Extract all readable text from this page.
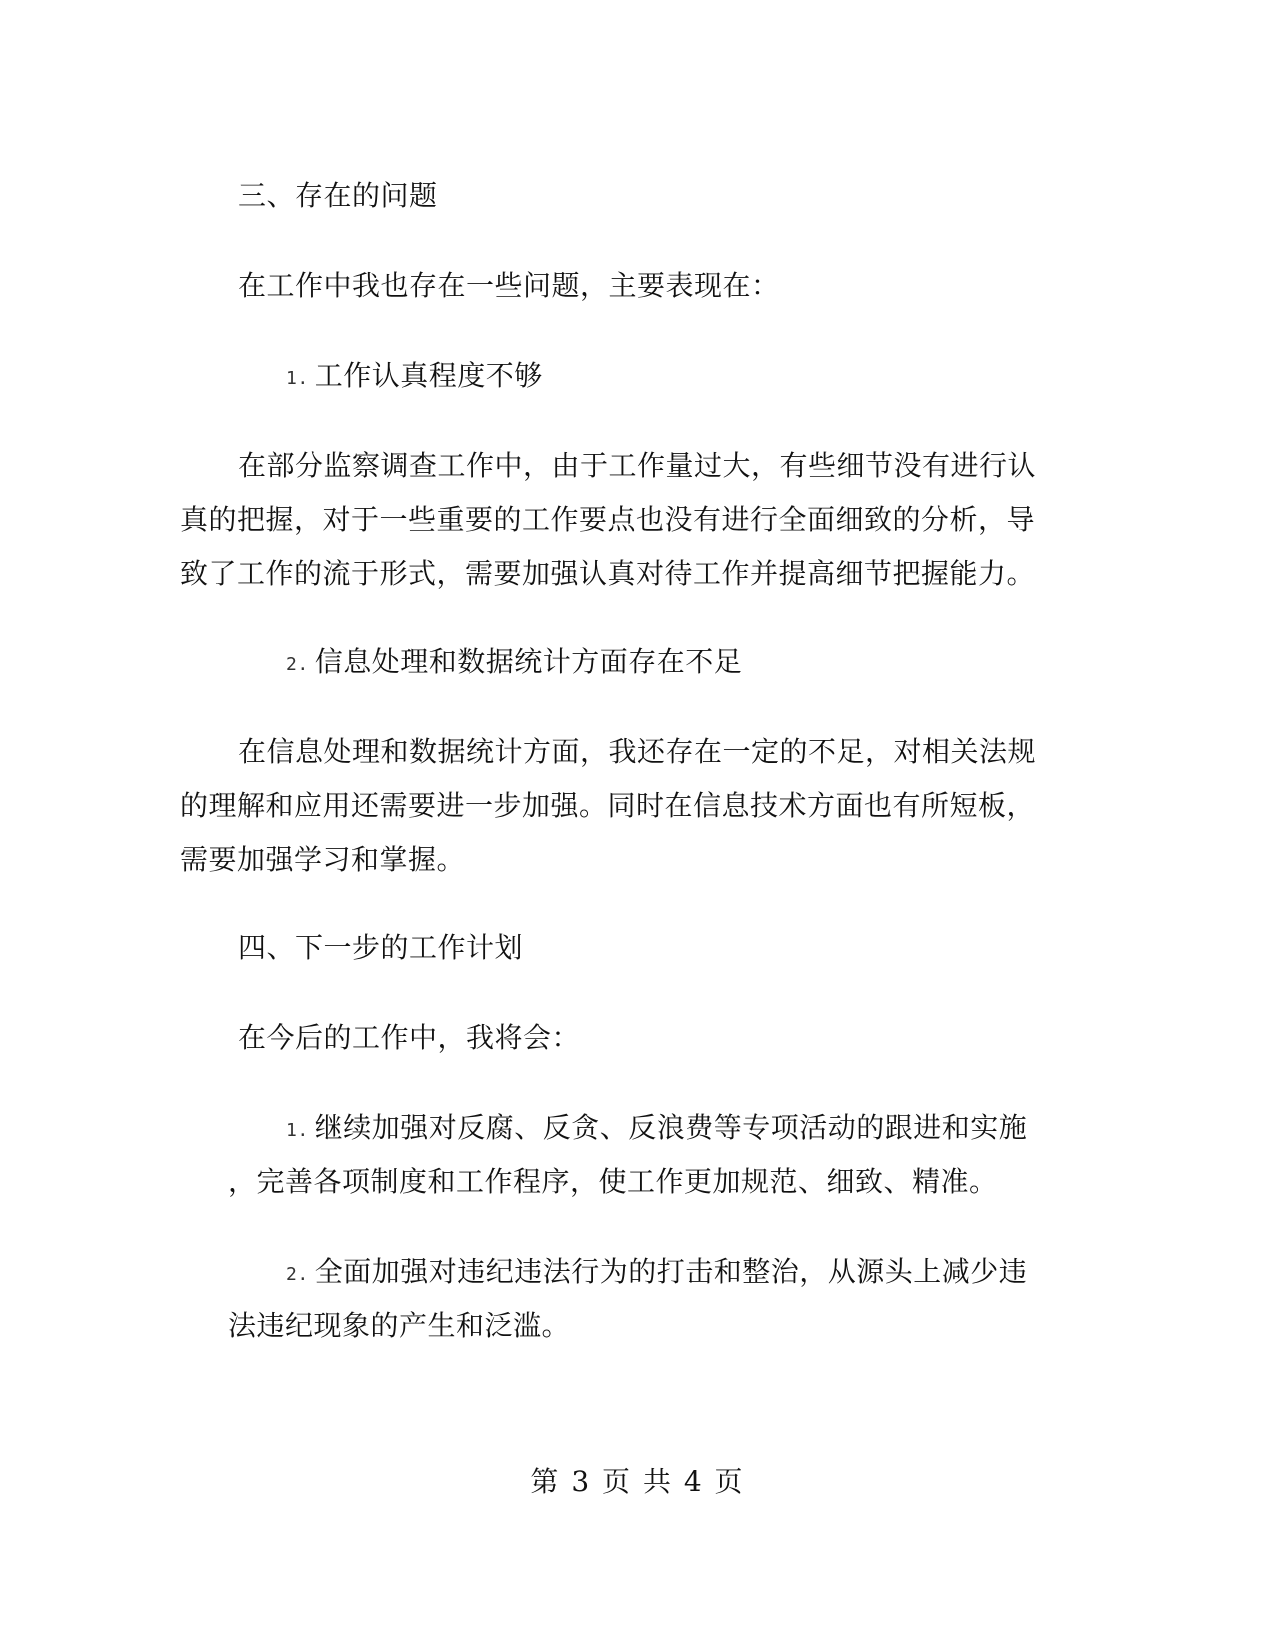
三、存在的问题
在工作中我也存在一些问题，主要表现在：
1. 工作认真程度不够
在部分监察调查工作中，由于工作量过大，有些细节没有进行认
真的把握，对于一些重要的工作要点也没有进行全面细致的分析，导
致了工作的流于形式，需要加强认真对待工作并提高细节把握能力。
2. 信息处理和数据统计方面存在不足
在信息处理和数据统计方面，我还存在一定的不足，对相关法规
的理解和应用还需要进一步加强。同时在信息技术方面也有所短板，
需要加强学习和掌握。
四、下一步的工作计划
在今后的工作中，我将会：
1. 继续加强对反腐、反贪、反浪费等专项活动的跟进和实施
，完善各项制度和工作程序，使工作更加规范、细致、精准。
2. 全面加强对违纪违法行为的打击和整治，从源头上减少违
法违纪现象的产生和泛滥。
第 3 页 共 4 页
